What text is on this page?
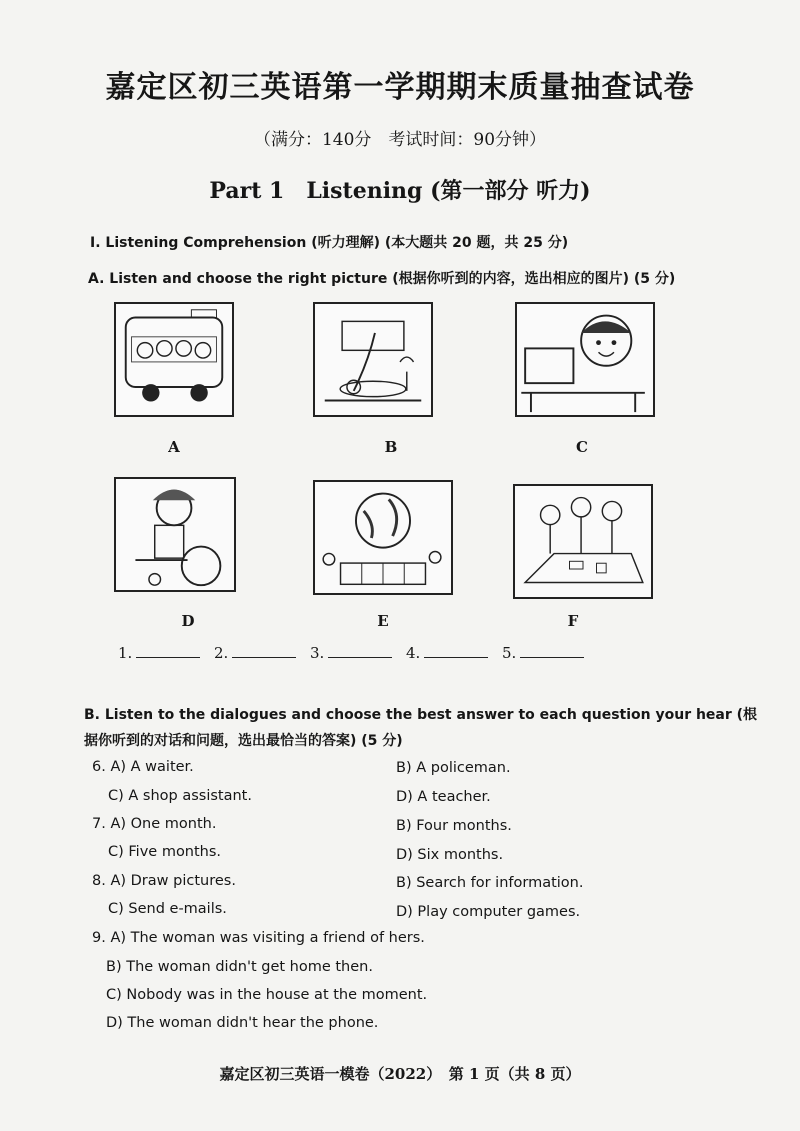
嘉定区初三英语第一学期期末质量抽查试卷
（满分：140分　考试时间：90分钟）
Part 1　Listening (第一部分 听力)
I. Listening Comprehension (听力理解) (本大题共 20 题，共 25 分)
A. Listen and choose the right picture (根据你听到的内容，选出相应的图片) (5 分)
A	B	C
D	E	F
1.	2.	3.	4.	5.
B. Listen to the dialogues and choose the best answer to each question your hear (根据你听到的对话和问题，选出最恰当的答案) (5 分)
6. A) A waiter.	B) A policeman.
C) A shop assistant.	D) A teacher.
7. A) One month.	B) Four months.
C) Five months.	D) Six months.
8. A) Draw pictures.	B) Search for information.
C) Send e-mails.	D) Play computer games.
9. A) The woman was visiting a friend of hers.
B) The woman didn't get home then.
C) Nobody was in the house at the moment.
D) The woman didn't hear the phone.
嘉定区初三英语一模卷（2022）　第 1 页（共 8 页）
